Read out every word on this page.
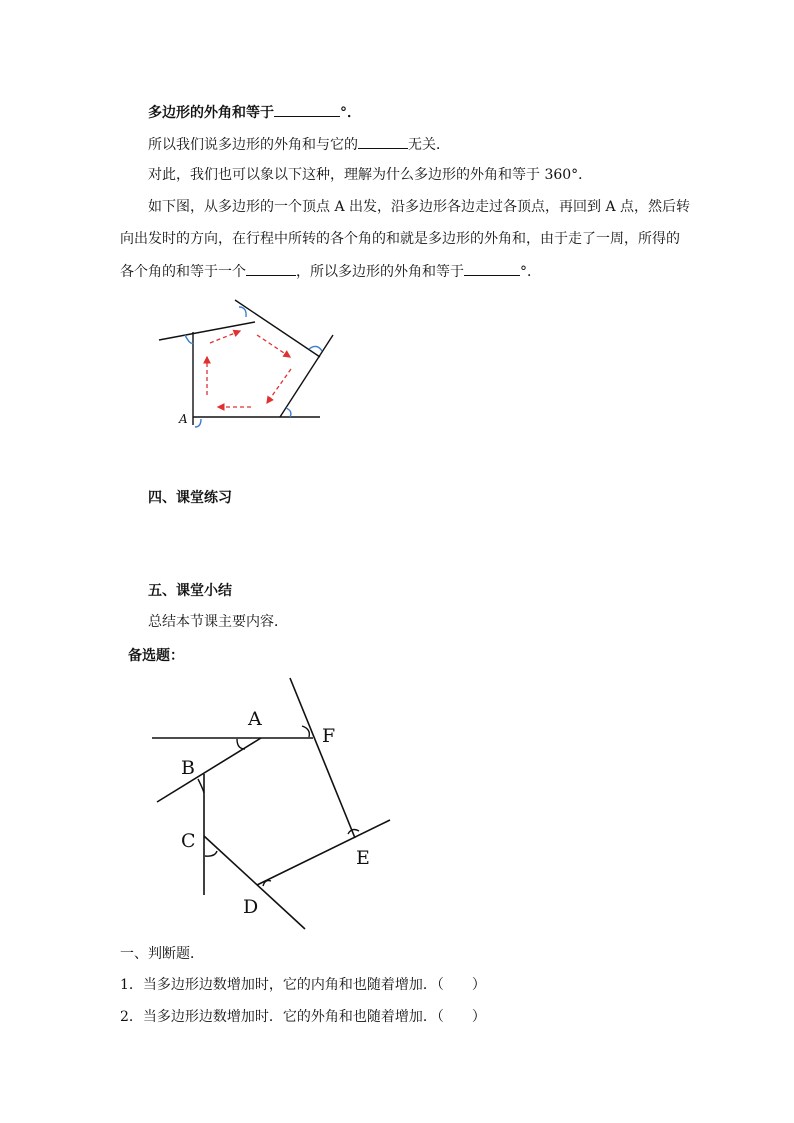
多边形的外角和等于	°．
所以我们说多边形的外角和与它的	无关．
对此，我们也可以象以下这种，理解为什么多边形的外角和等于 360°．
如下图，从多边形的一个顶点 A 出发，沿多边形各边走过各顶点，再回到 A 点，然后转
向出发时的方向，在行程中所转的各个角的和就是多边形的外角和，由于走了一周，所得的
各个角的和等于一个	，所以多边形的外角和等于	°．
A
四、课堂练习
五、课堂小结
总结本节课主要内容．
备选题：
A
B
C
D
E
F
一、判断题．
1．当多边形边数增加时，它的内角和也随着增加．（　　）
2．当多边形边数增加时．它的外角和也随着增加．（　　）
